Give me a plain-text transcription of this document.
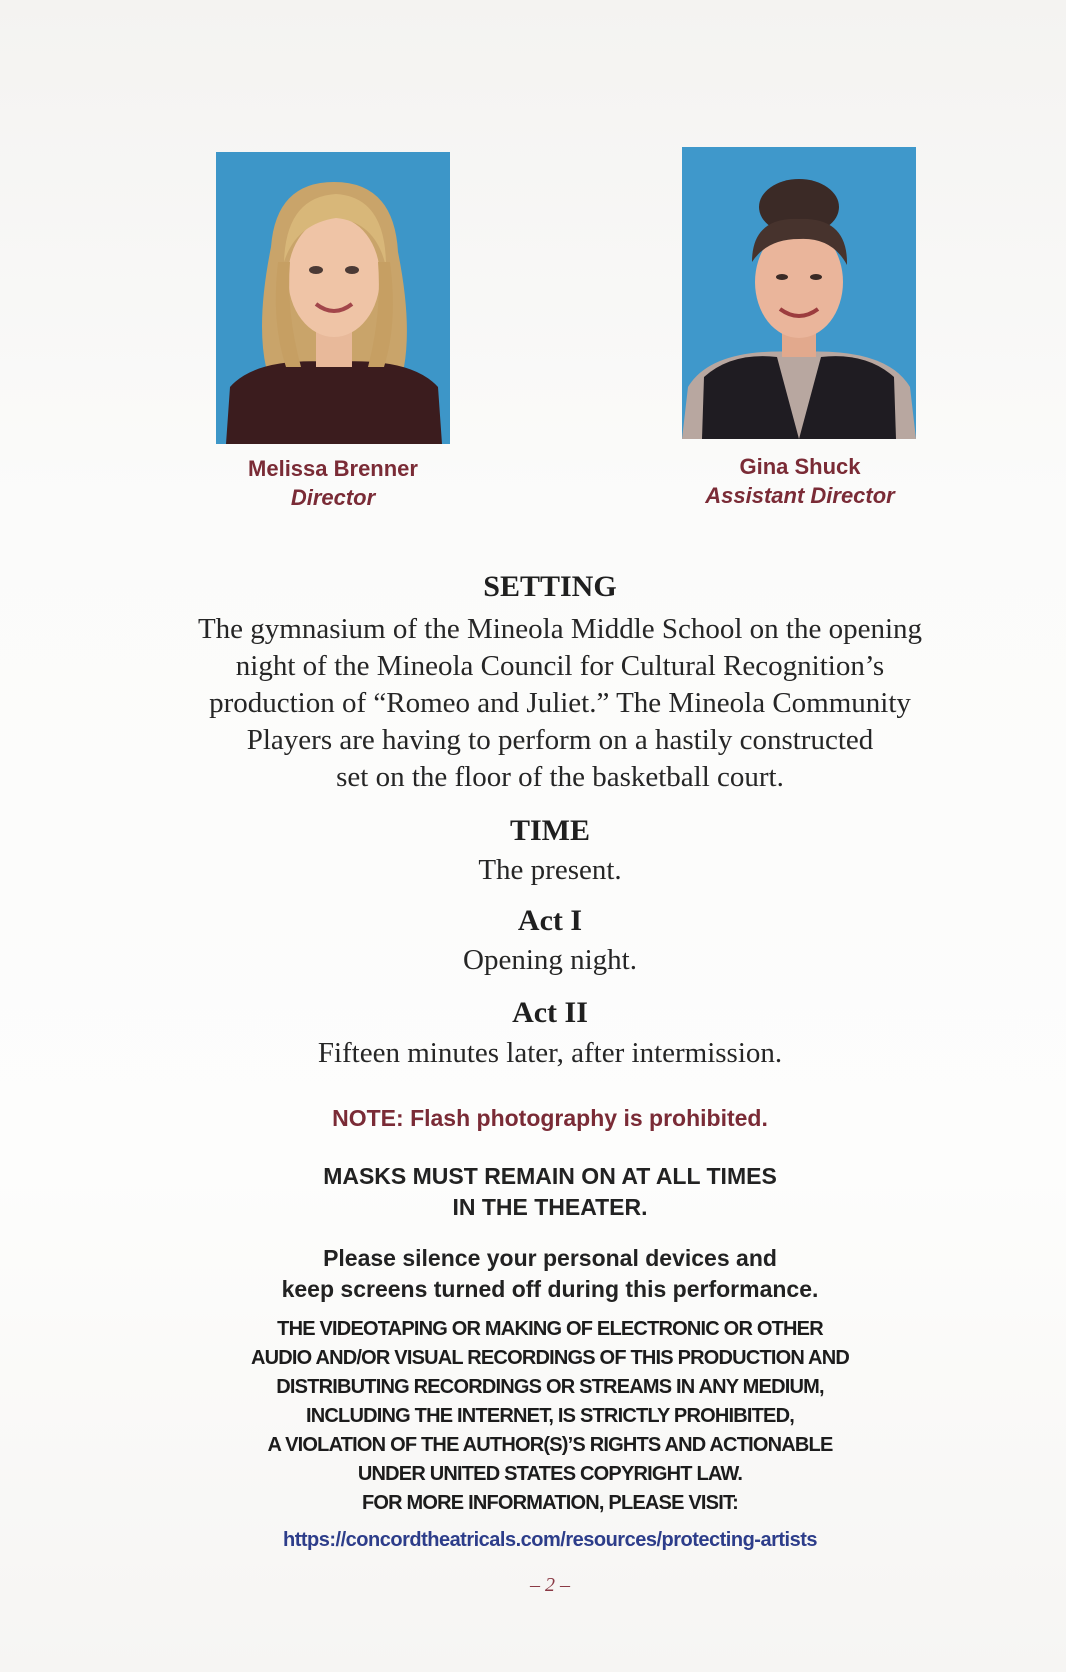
Melissa Brenner
Director
Gina Shuck
Assistant Director
SETTING
The gymnasium of the Mineola Middle School on the opening
night of the Mineola Council for Cultural Recognition’s
production of “Romeo and Juliet.” The Mineola Community
Players are having to perform on a hastily constructed
set on the floor of the basketball court.
TIME
The present.
Act I
Opening night.
Act II
Fifteen minutes later, after intermission.
NOTE: Flash photography is prohibited.
MASKS MUST REMAIN ON AT ALL TIMES
IN THE THEATER.
Please silence your personal devices and
keep screens turned off during this performance.
THE VIDEOTAPING OR MAKING OF ELECTRONIC OR OTHER
AUDIO AND/OR VISUAL RECORDINGS OF THIS PRODUCTION AND
DISTRIBUTING RECORDINGS OR STREAMS IN ANY MEDIUM,
INCLUDING THE INTERNET, IS STRICTLY PROHIBITED,
A VIOLATION OF THE AUTHOR(S)’S RIGHTS AND ACTIONABLE
UNDER UNITED STATES COPYRIGHT LAW.
FOR MORE INFORMATION, PLEASE VISIT:
https://concordtheatricals.com/resources/protecting-artists
– 2 –
